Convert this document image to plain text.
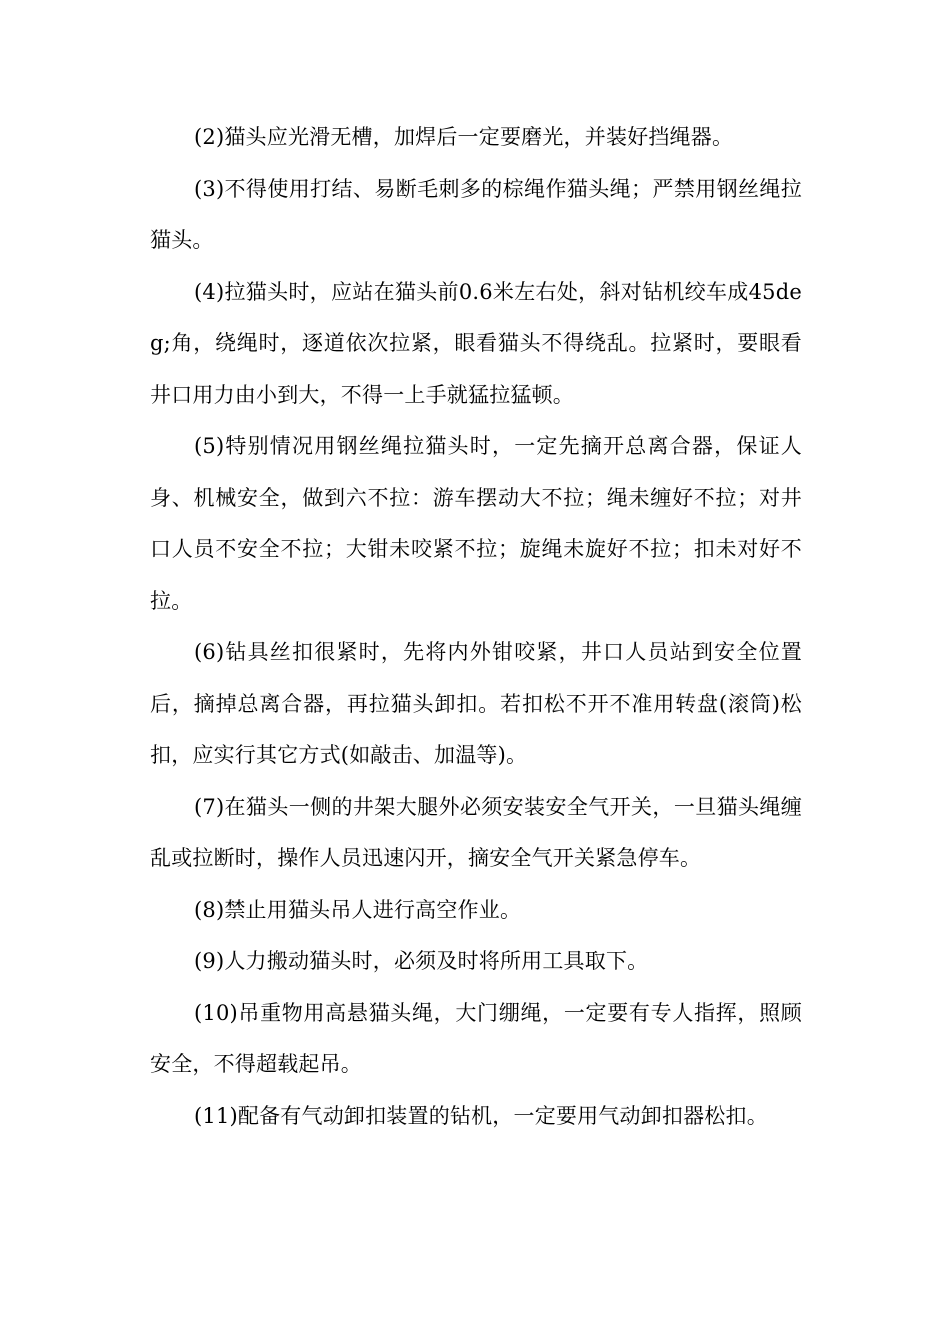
(2)猫头应光滑无槽，加焊后一定要磨光，并装好挡绳器。

(3)不得使用打结、易断毛刺多的棕绳作猫头绳；严禁用钢丝绳拉猫头。

(4)拉猫头时，应站在猫头前0.6米左右处，斜对钻机绞车成45deg;角，绕绳时，逐道依次拉紧，眼看猫头不得绕乱。拉紧时，要眼看井口用力由小到大，不得一上手就猛拉猛顿。

(5)特别情况用钢丝绳拉猫头时，一定先摘开总离合器，保证人身、机械安全，做到六不拉：游车摆动大不拉；绳未缠好不拉；对井口人员不安全不拉；大钳未咬紧不拉；旋绳未旋好不拉；扣未对好不拉。

(6)钻具丝扣很紧时，先将内外钳咬紧，井口人员站到安全位置后，摘掉总离合器，再拉猫头卸扣。若扣松不开不准用转盘(滚筒)松扣，应实行其它方式(如敲击、加温等)。

(7)在猫头一侧的井架大腿外必须安装安全气开关，一旦猫头绳缠乱或拉断时，操作人员迅速闪开，摘安全气开关紧急停车。

(8)禁止用猫头吊人进行高空作业。

(9)人力搬动猫头时，必须及时将所用工具取下。

(10)吊重物用高悬猫头绳，大门绷绳，一定要有专人指挥，照顾安全，不得超载起吊。

(11)配备有气动卸扣装置的钻机，一定要用气动卸扣器松扣。
